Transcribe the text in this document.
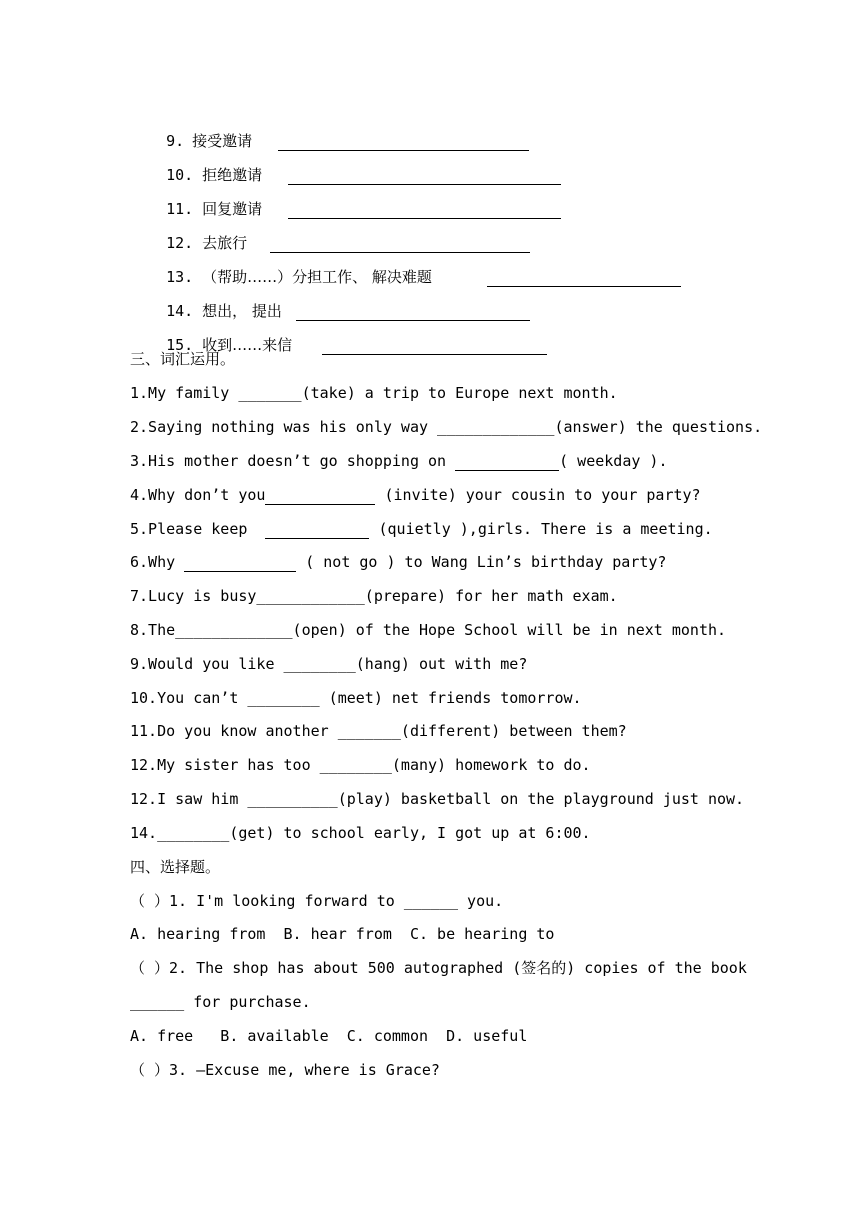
9. 接受邀请

10. 拒绝邀请

11. 回复邀请

12. 去旅行

13. （帮助……）分担工作、 解决难题

14. 想出， 提出

15. 收到……来信

三、词汇运用。
1.My family _______(take) a trip to Europe next month.
2.Saying nothing was his only way _____________(answer) the questions.
3.His mother doesn’t go shopping on	( weekday ).
4.Why don’t you	(invite) your cousin to your party?
5.Please keep	(quietly ),girls. There is a meeting.
6.Why	( not go ) to Wang Lin’s birthday party?
7.Lucy is busy____________(prepare) for her math exam.
8.The_____________(open) of the Hope School will be in next month.
9.Would you like ________(hang) out with me?
10.You can’t ________ (meet) net friends tomorrow.
11.Do you know another _______(different) between them?
12.My sister has too ________(many) homework to do.
12.I saw him __________(play) basketball on the playground just now.
14.________(get) to school early, I got up at 6:00.
四、选择题。
（ ）1. I'm looking forward to ______ you.
A. hearing from  B. hear from  C. be hearing to
（ ）2. The shop has about 500 autographed (签名的) copies of the book
______ for purchase.
A. free   B. available  C. common  D. useful
（ ）3. —Excuse me, where is Grace?
